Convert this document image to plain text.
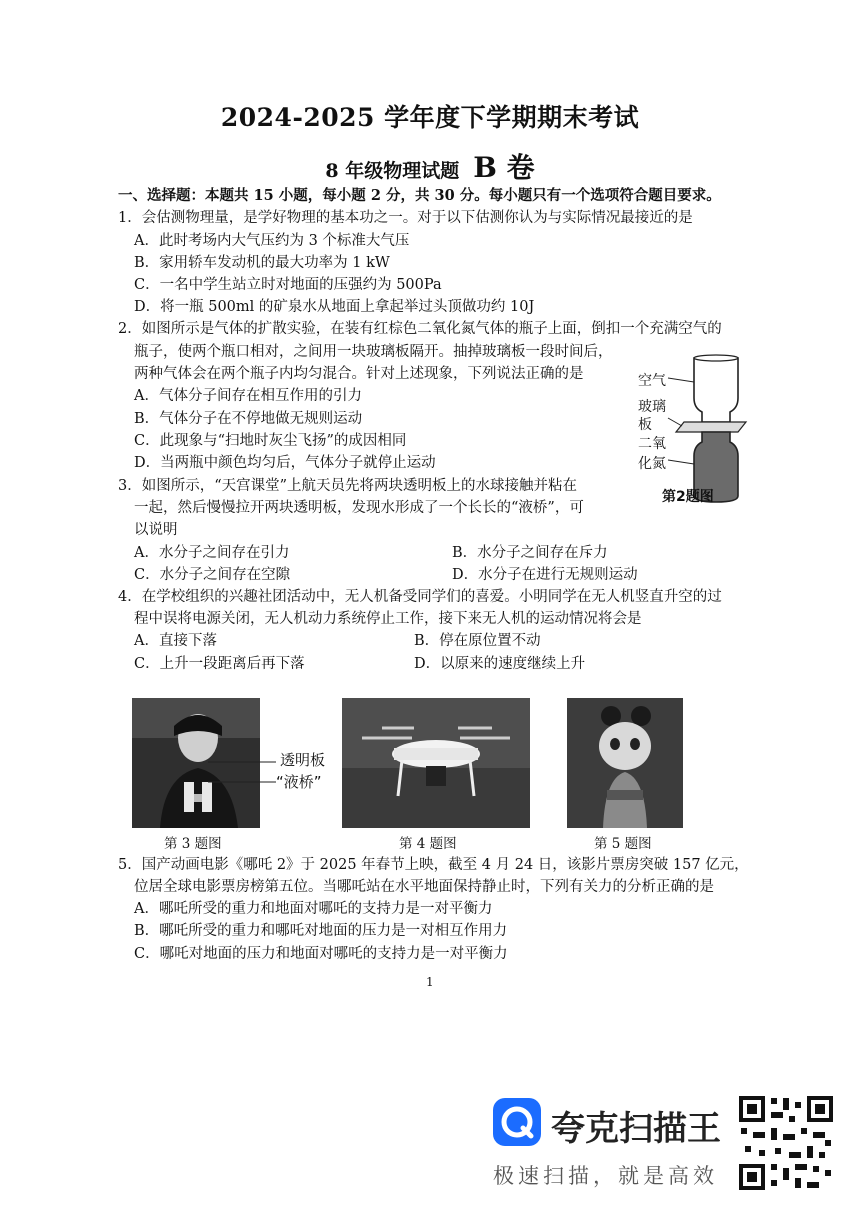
2024-2025 学年度下学期期末考试
8 年级物理试题 B 卷
一、选择题：本题共 15 小题，每小题 2 分，共 30 分。每小题只有一个选项符合题目要求。
1．会估测物理量，是学好物理的基本功之一。对于以下估测你认为与实际情况最接近的是
A．此时考场内大气压约为 3 个标准大气压
B．家用轿车发动机的最大功率为 1 kW
C．一名中学生站立时对地面的压强约为 500Pa
D．将一瓶 500ml 的矿泉水从地面上拿起举过头顶做功约 10J
2．如图所示是气体的扩散实验，在装有红棕色二氧化氮气体的瓶子上面，倒扣一个充满空气的
瓶子，使两个瓶口相对，之间用一块玻璃板隔开。抽掉玻璃板一段时间后，
两种气体会在两个瓶子内均匀混合。针对上述现象，下列说法正确的是
A．气体分子间存在相互作用的引力
B．气体分子在不停地做无规则运动
C．此现象与“扫地时灰尘飞扬”的成因相同
D．当两瓶中颜色均匀后，气体分子就停止运动
空气
玻璃
板
二氧
化氮
第2题图
3．如图所示，“天宫课堂”上航天员先将两块透明板上的水球接触并粘在
一起，然后慢慢拉开两块透明板，发现水形成了一个长长的“液桥”，可
以说明
A．水分子之间存在引力	B．水分子之间存在斥力
C．水分子之间存在空隙	D．水分子在进行无规则运动
4．在学校组织的兴趣社团活动中，无人机备受同学们的喜爱。小明同学在无人机竖直升空的过
程中误将电源关闭，无人机动力系统停止工作，接下来无人机的运动情况将会是
A．直接下落	B．停在原位置不动
C．上升一段距离后再下落	D．以原来的速度继续上升
透明板
“液桥”
第 3 题图	第 4 题图	第 5 题图
5．国产动画电影《哪吒 2》于 2025 年春节上映，截至 4 月 24 日，该影片票房突破 157 亿元，
位居全球电影票房榜第五位。当哪吒站在水平地面保持静止时，下列有关力的分析正确的是
A．哪吒所受的重力和地面对哪吒的支持力是一对平衡力
B．哪吒所受的重力和哪吒对地面的压力是一对相互作用力
C．哪吒对地面的压力和地面对哪吒的支持力是一对平衡力
1
夸克扫描王
极速扫描，就是高效
